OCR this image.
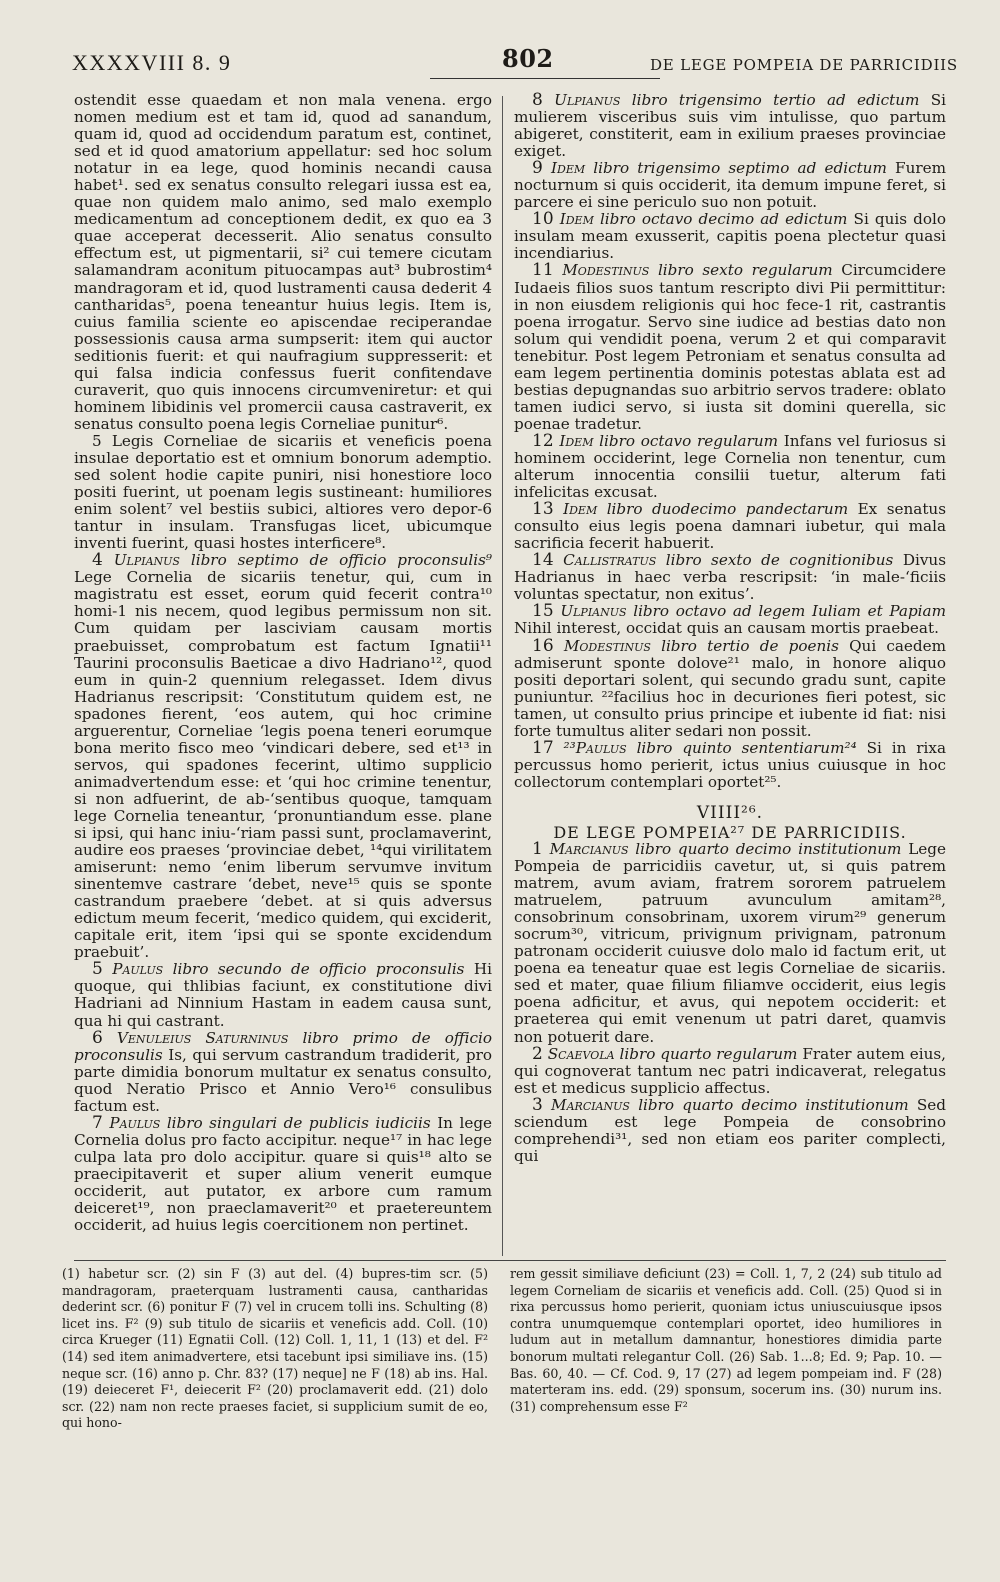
XXXXVIII 8. 9	802	DE LEGE POMPEIA DE PARRICIDIIS

ostendit esse quaedam et non mala venena. ergo nomen medium est et tam id, quod ad sanandum, quam id, quod ad occidendum paratum est, continet, sed et id quod amatorium appellatur: sed hoc solum notatur in ea lege, quod hominis necandi causa habet¹. sed ex senatus consulto relegari iussa est ea, quae non quidem malo animo, sed malo exemplo medicamentum ad conceptionem dedit, ex quo ea 3 quae acceperat decesserit. Alio senatus consulto effectum est, ut pigmentarii, si² cui temere cicutam salamandram aconitum pituocampas aut³ bubrostim⁴ mandragoram et id, quod lustramenti causa dederit 4 cantharidas⁵, poena teneantur huius legis. Item is, cuius familia sciente eo apiscendae reciperandae possessionis causa arma sumpserit: item qui auctor seditionis fuerit: et qui naufragium suppresserit: et qui falsa indicia confessus fuerit confitendave curaverit, quo quis innocens circumveniretur: et qui hominem libidinis vel promercii causa castraverit, ex senatus consulto poena legis Corneliae punitur⁶.

5 Legis Corneliae de sicariis et veneficis poena insulae deportatio est et omnium bonorum ademptio. sed solent hodie capite puniri, nisi honestiore loco positi fuerint, ut poenam legis sustineant: humiliores enim solent⁷ vel bestiis subici, altiores vero depor-6 tantur in insulam. Transfugas licet, ubicumque inventi fuerint, quasi hostes interficere⁸.

4 Ulpianus libro septimo de officio proconsulis⁹ Lege Cornelia de sicariis tenetur, qui, cum in magistratu est esset, eorum quid fecerit contra¹⁰ homi-1 nis necem, quod legibus permissum non sit. Cum quidam per lasciviam causam mortis praebuisset, comprobatum est factum Ignatii¹¹ Taurini proconsulis Baeticae a divo Hadriano¹², quod eum in quin-2 quennium relegasset. Idem divus Hadrianus rescripsit: ‘Constitutum quidem est, ne spadones fierent, ‘eos autem, qui hoc crimine arguerentur, Corneliae ‘legis poena teneri eorumque bona merito fisco meo ‘vindicari debere, sed et¹³ in servos, qui spadones fecerint, ultimo supplicio animadvertendum esse: et ‘qui hoc crimine tenentur, si non adfuerint, de ab-‘sentibus quoque, tamquam lege Cornelia teneantur, ‘pronuntiandum esse. plane si ipsi, qui hanc iniu-‘riam passi sunt, proclamaverint, audire eos praeses ‘provinciae debet, ¹⁴qui virilitatem amiserunt: nemo ‘enim liberum servumve invitum sinentemve castrare ‘debet, neve¹⁵ quis se sponte castrandum praebere ‘debet. at si quis adversus edictum meum fecerit, ‘medico quidem, qui exciderit, capitale erit, item ‘ipsi qui se sponte excidendum praebuit’.

5 Paulus libro secundo de officio proconsulis Hi quoque, qui thlibias faciunt, ex constitutione divi Hadriani ad Ninnium Hastam in eadem causa sunt, qua hi qui castrant.

6 Venuleius Saturninus libro primo de officio proconsulis Is, qui servum castrandum tradiderit, pro parte dimidia bonorum multatur ex senatus consulto, quod Neratio Prisco et Annio Vero¹⁶ consulibus factum est.

7 Paulus libro singulari de publicis iudiciis In lege Cornelia dolus pro facto accipitur. neque¹⁷ in hac lege culpa lata pro dolo accipitur. quare si quis¹⁸ alto se praecipitaverit et super alium venerit eumque occiderit, aut putator, ex arbore cum ramum deiceret¹⁹, non praeclamaverit²⁰ et praetereuntem occiderit, ad huius legis coercitionem non pertinet.

8 Ulpianus libro trigensimo tertio ad edictum Si mulierem visceribus suis vim intulisse, quo partum abigeret, constiterit, eam in exilium praeses provinciae exiget.

9 Idem libro trigensimo septimo ad edictum Furem nocturnum si quis occiderit, ita demum impune feret, si parcere ei sine periculo suo non potuit.

10 Idem libro octavo decimo ad edictum Si quis dolo insulam meam exusserit, capitis poena plectetur quasi incendiarius.

11 Modestinus libro sexto regularum Circumcidere Iudaeis filios suos tantum rescripto divi Pii permittitur: in non eiusdem religionis qui hoc fece-1 rit, castrantis poena irrogatur. Servo sine iudice ad bestias dato non solum qui vendidit poena, verum 2 et qui comparavit tenebitur. Post legem Petroniam et senatus consulta ad eam legem pertinentia dominis potestas ablata est ad bestias depugnandas suo arbitrio servos tradere: oblato tamen iudici servo, si iusta sit domini querella, sic poenae tradetur.

12 Idem libro octavo regularum Infans vel furiosus si hominem occiderint, lege Cornelia non tenentur, cum alterum innocentia consilii tuetur, alterum fati infelicitas excusat.

13 Idem libro duodecimo pandectarum Ex senatus consulto eius legis poena damnari iubetur, qui mala sacrificia fecerit habuerit.

14 Callistratus libro sexto de cognitionibus Divus Hadrianus in haec verba rescripsit: ‘in male-‘ficiis voluntas spectatur, non exitus’.

15 Ulpianus libro octavo ad legem Iuliam et Papiam Nihil interest, occidat quis an causam mortis praebeat.

16 Modestinus libro tertio de poenis Qui caedem admiserunt sponte dolove²¹ malo, in honore aliquo positi deportari solent, qui secundo gradu sunt, capite puniuntur. ²²facilius hoc in decuriones fieri potest, sic tamen, ut consulto prius principe et iubente id fiat: nisi forte tumultus aliter sedari non possit.

17 ²³Paulus libro quinto sententiarum²⁴ Si in rixa percussus homo perierit, ictus unius cuiusque in hoc collectorum contemplari oportet²⁵.

VIIII²⁶.
DE LEGE POMPEIA²⁷ DE PARRICIDIIS.

1 Marcianus libro quarto decimo institutionum Lege Pompeia de parricidiis cavetur, ut, si quis patrem matrem, avum aviam, fratrem sororem patruelem matruelem, patruum avunculum amitam²⁸, consobrinum consobrinam, uxorem virum²⁹ generum socrum³⁰, vitricum, privignum privignam, patronum patronam occiderit cuiusve dolo malo id factum erit, ut poena ea teneatur quae est legis Corneliae de sicariis. sed et mater, quae filium filiamve occiderit, eius legis poena adficitur, et avus, qui nepotem occiderit: et praeterea qui emit venenum ut patri daret, quamvis non potuerit dare.

2 Scaevola libro quarto regularum Frater autem eius, qui cognoverat tantum nec patri indicaverat, relegatus est et medicus supplicio affectus.

3 Marcianus libro quarto decimo institutionum Sed sciendum est lege Pompeia de consobrino comprehendi³¹, sed non etiam eos pariter complecti, qui

(1) habetur scr. (2) sin F (3) aut del. (4) bupres-tim scr. (5) mandragoram, praeterquam lustramenti causa, cantharidas dederint scr. (6) ponitur F (7) vel in crucem tolli ins. Schulting (8) licet ins. F² (9) sub titulo de sicariis et veneficis add. Coll. (10) circa Krueger (11) Egnatii Coll. (12) Coll. 1, 11, 1 (13) et del. F² (14) sed item animadvertere, etsi tacebunt ipsi similiave ins. (15) neque scr. (16) anno p. Chr. 83? (17) neque] ne F (18) ab ins. Hal. (19) deieceret F¹, deiecerit F² (20) proclamaverit edd. (21) dolo scr. (22) nam non recte praeses faciet, si supplicium sumit de eo, qui hono-

rem gessit similiave deficiunt (23) = Coll. 1, 7, 2 (24) sub titulo ad legem Corneliam de sicariis et veneficis add. Coll. (25) Quod si in rixa percussus homo perierit, quoniam ictus uniuscuiusque ipsos contra unumquemque contemplari oportet, ideo humiliores in ludum aut in metallum damnantur, honestiores dimidia parte bonorum multati relegantur Coll. (26) Sab. 1...8; Ed. 9; Pap. 10. — Bas. 60, 40. — Cf. Cod. 9, 17 (27) ad legem pompeiam ind. F (28) materteram ins. edd. (29) sponsum, socerum ins. (30) nurum ins. (31) comprehensum esse F²
